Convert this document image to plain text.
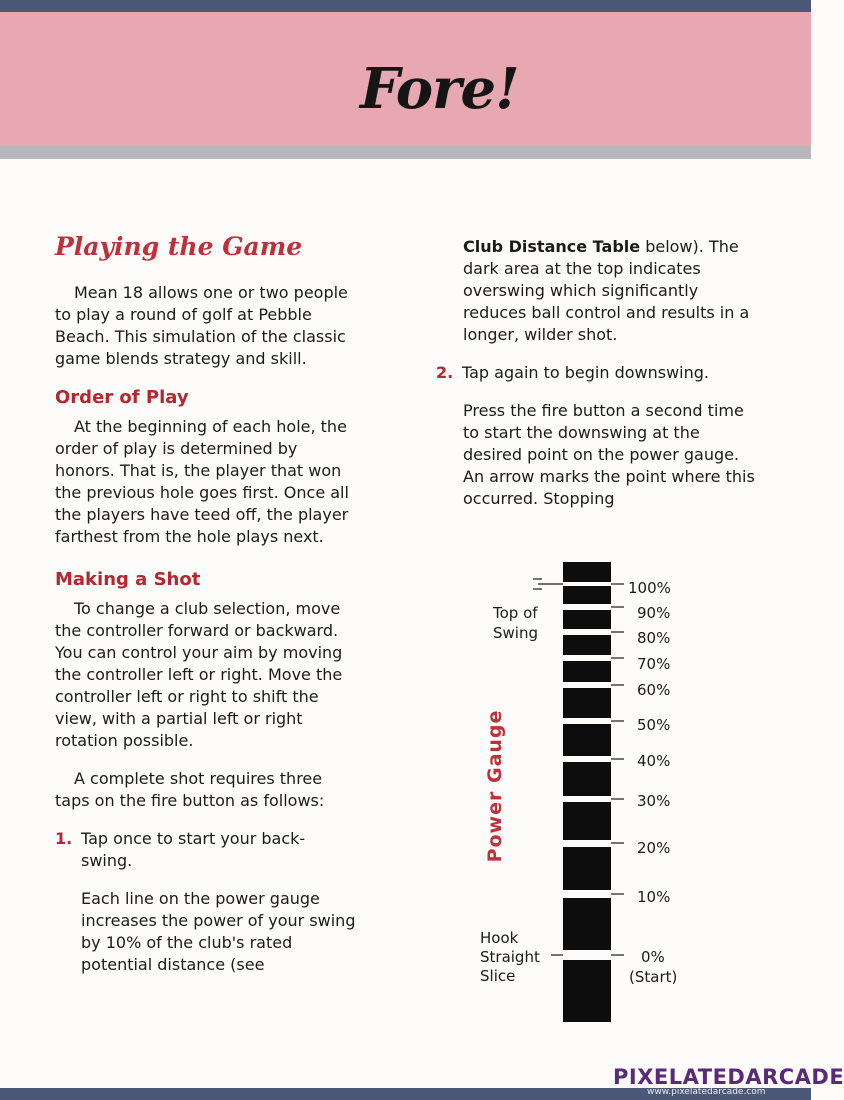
Fore!
Playing the Game

Mean 18 allows one or two people to play a round of golf at Pebble Beach. This simulation of the classic game blends strategy and skill.

Order of Play

At the beginning of each hole, the order of play is determined by honors. That is, the player that won the previous hole goes first. Once all the players have teed off, the player farthest from the hole plays next.

Making a Shot

To change a club selection, move the controller forward or backward. You can control your aim by moving the controller left or right. Move the controller left or right to shift the view, with a partial left or right rotation possible.

A complete shot requires three taps on the fire button as follows:

1. Tap once to start your back-swing.

Each line on the power gauge increases the power of your swing by 10% of the club's rated potential distance (see

Club Distance Table below). The dark area at the top indicates overswing which significantly reduces ball control and results in a longer, wilder shot.

2. Tap again to begin downswing.

Press the fire button a second time to start the downswing at the desired point on the power gauge. An arrow marks the point where this occurred. Stopping

Power Gauge
Top of
Swing
Hook
Straight
Slice
100%
90%
80%
70%
60%
50%
40%
30%
20%
10%
0%
(Start)
PIXELATEDARCADE
www.pixelatedarcade.com
